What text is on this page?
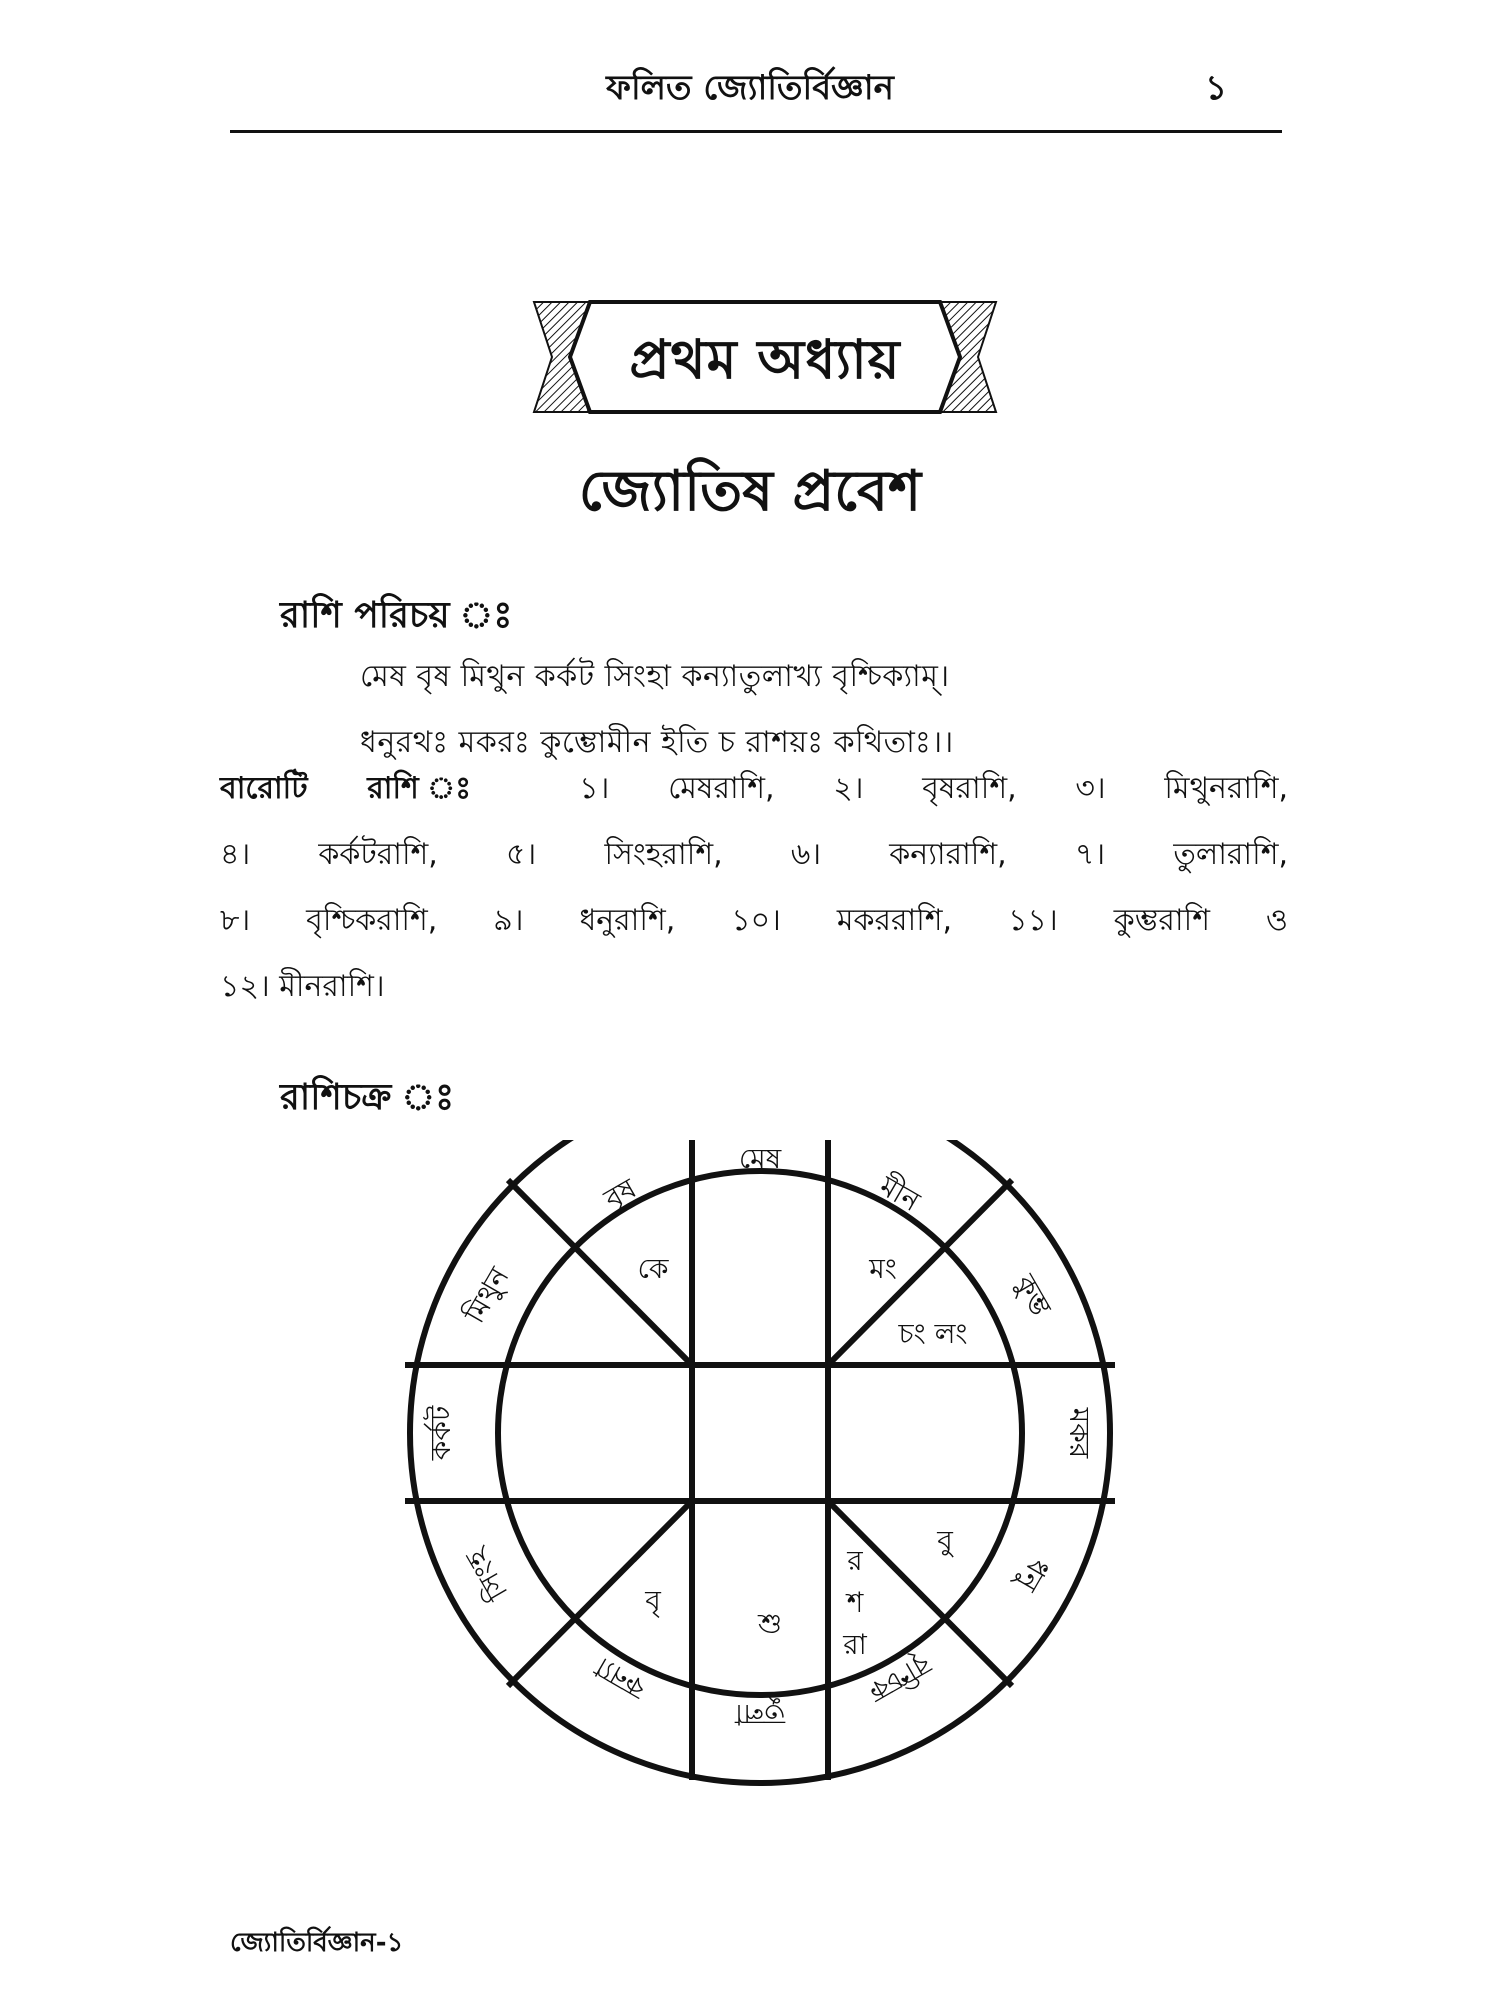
ফলিত জ্যোতির্বিজ্ঞান	১
প্রথম অধ্যায়
জ্যোতিষ প্রবেশ
রাশি পরিচয় ঃ
মেষ বৃষ মিথুন কর্কট সিংহা কন্যাতুলাখ্য বৃশ্চিক্যাম্।
ধনুরথঃ মকরঃ কুম্ভোমীন ইতি চ রাশয়ঃ কথিতাঃ।।

বারোটি রাশি ঃ ১। মেষরাশি, ২। বৃষরাশি, ৩। মিথুনরাশি,

৪। কর্কটরাশি, ৫। সিংহরাশি, ৬। কন্যারাশি, ৭। তুলারাশি,

৮। বৃশ্চিকরাশি, ৯। ধনুরাশি, ১০। মকররাশি, ১১। কুম্ভরাশি ও

১২। মীনরাশি।

রাশিচক্র ঃ
মেষ
বৃষ	মীন
মিথুন	কুম্ভ
কর্কট	মকর
সিংহ	ধনু
কন্যা	বৃশ্চিক
তুলা
কে	মং
চং লং
বৃ
শু
বু
র
শ
রা
জ্যোতির্বিজ্ঞান-১
